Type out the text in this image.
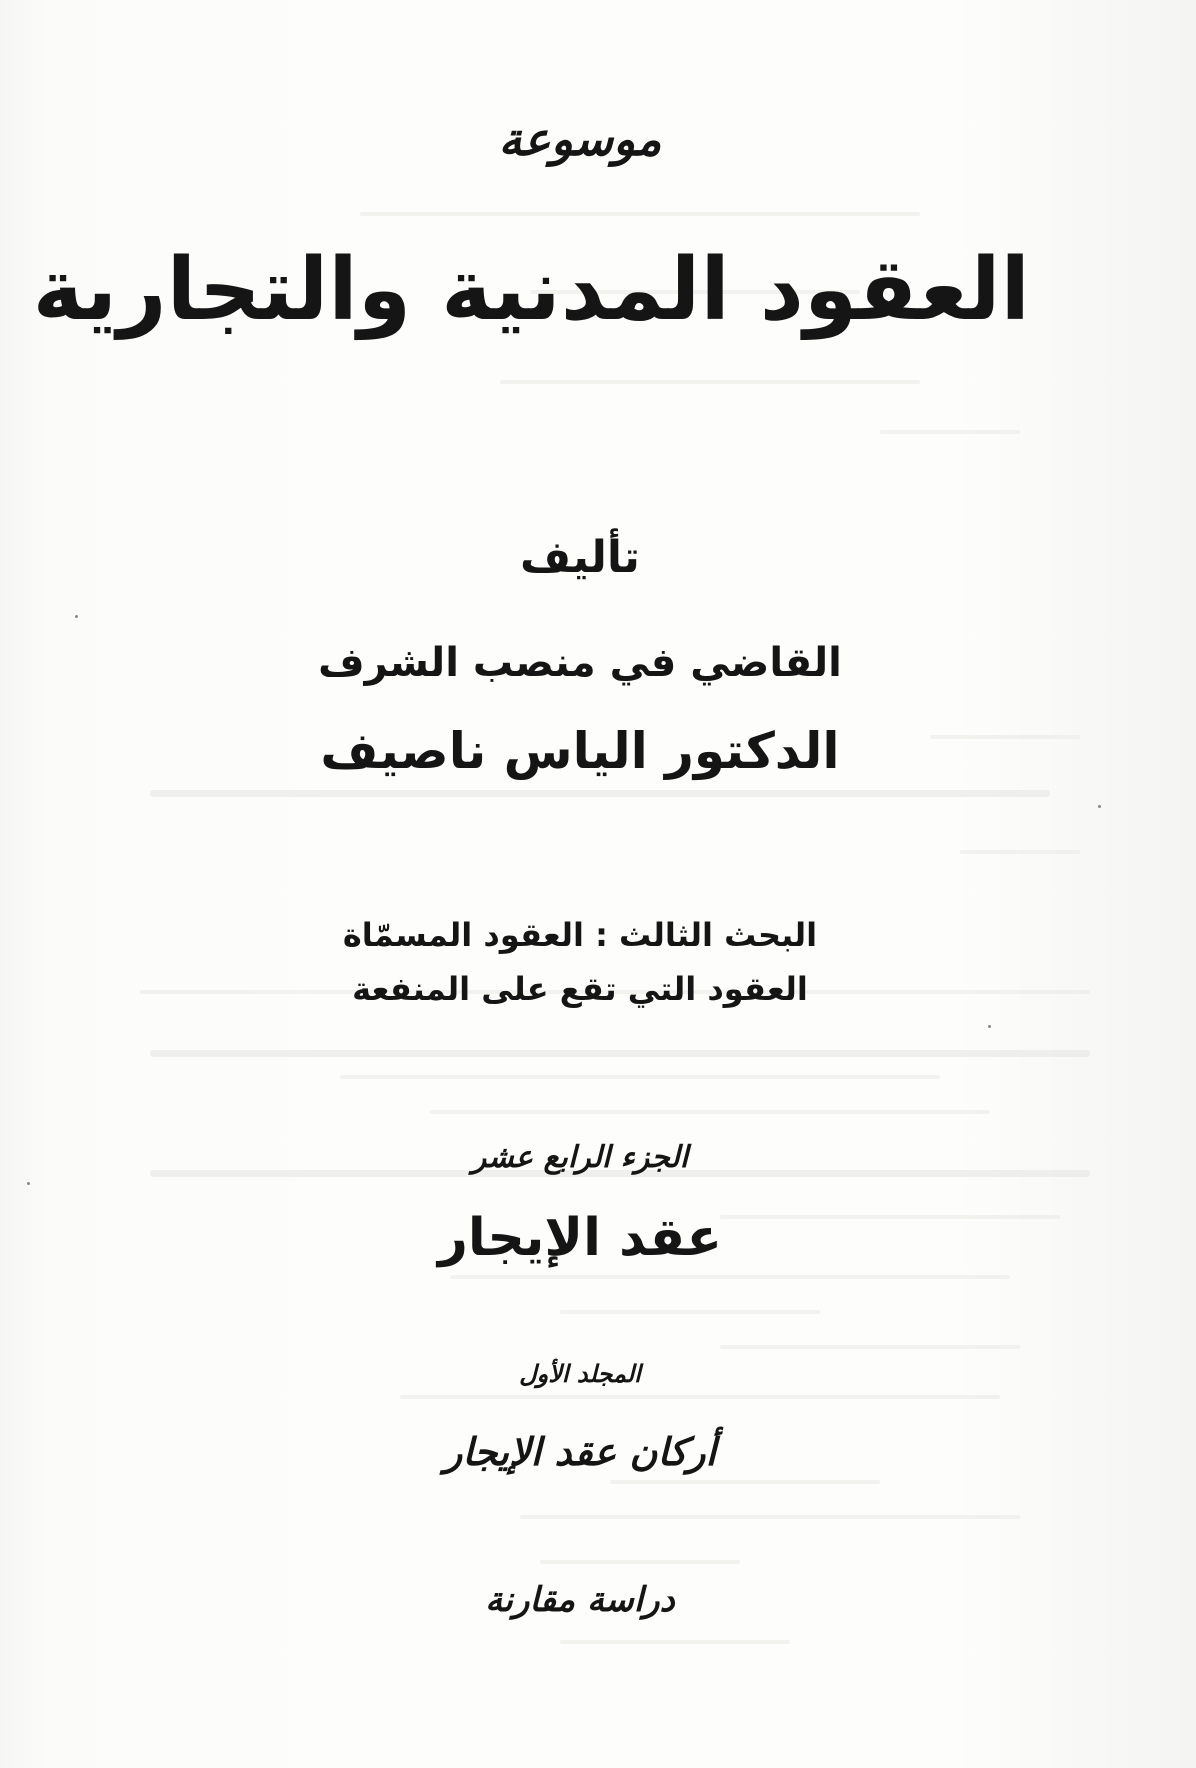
موسوعة
العقود المدنية والتجارية
تأليف
القاضي في منصب الشرف
الدكتور الياس ناصيف
البحث الثالث : العقود المسمّاة
العقود التي تقع على المنفعة
الجزء الرابع عشر
عقد الإيجار
المجلد الأول
أركان عقد الإيجار
دراسة مقارنة
